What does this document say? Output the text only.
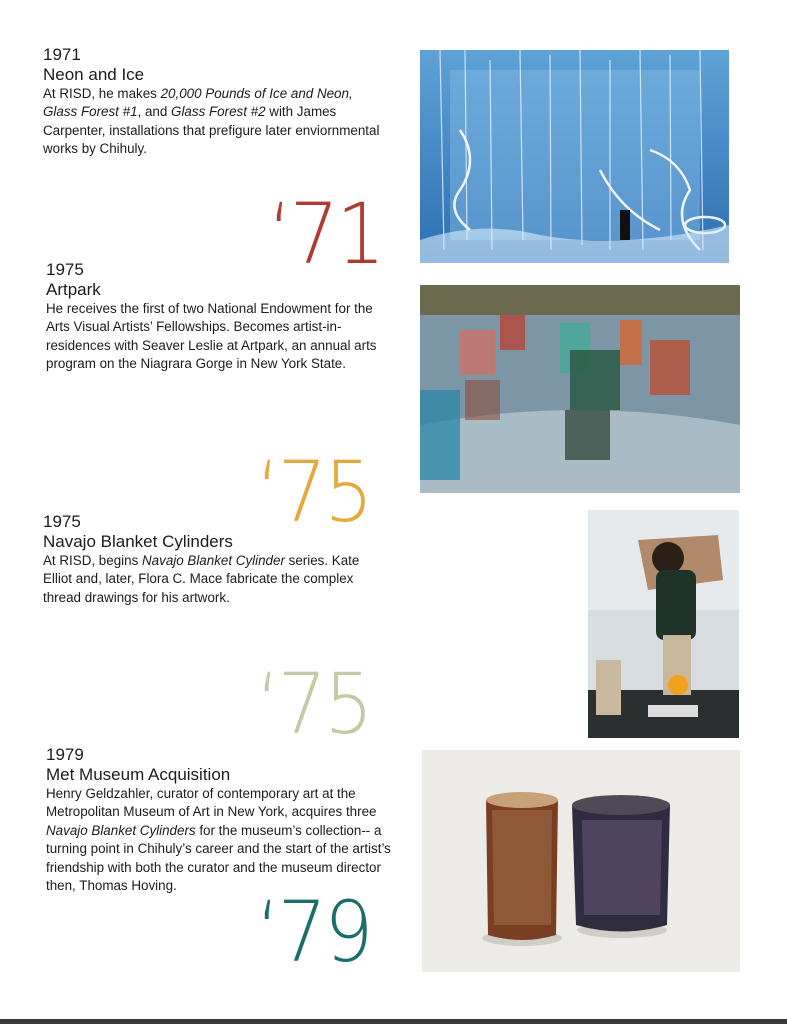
1971

Neon and Ice

At RISD, he makes 20,000 Pounds of Ice and Neon, Glass Forest #1, and Glass Forest #2 with James Carpenter, installations that prefigure later enviornmental works by Chihuly.

‘71

1975

Artpark

He receives the first of two National Endowment for the Arts Visual Artists’ Fellowships. Becomes artist-in-residences with Seaver Leslie at Artpark, an annual arts program on the Niagrara Gorge in New York State.

‘75

1975

Navajo Blanket Cylinders

At RISD, begins Navajo Blanket Cylinder series. Kate Elliot and, later, Flora C. Mace fabricate the complex thread drawings for his artwork.

‘75

1979

Met Museum Acquisition

Henry Geldzahler, curator of contemporary art at the Metropolitan Museum of Art in New York, acquires three Navajo Blanket Cylinders for the museum’s collection-- a turning point in Chihuly’s career and the start of the artist’s friendship with both the curator and the museum director then, Thomas Hoving. ‘79
